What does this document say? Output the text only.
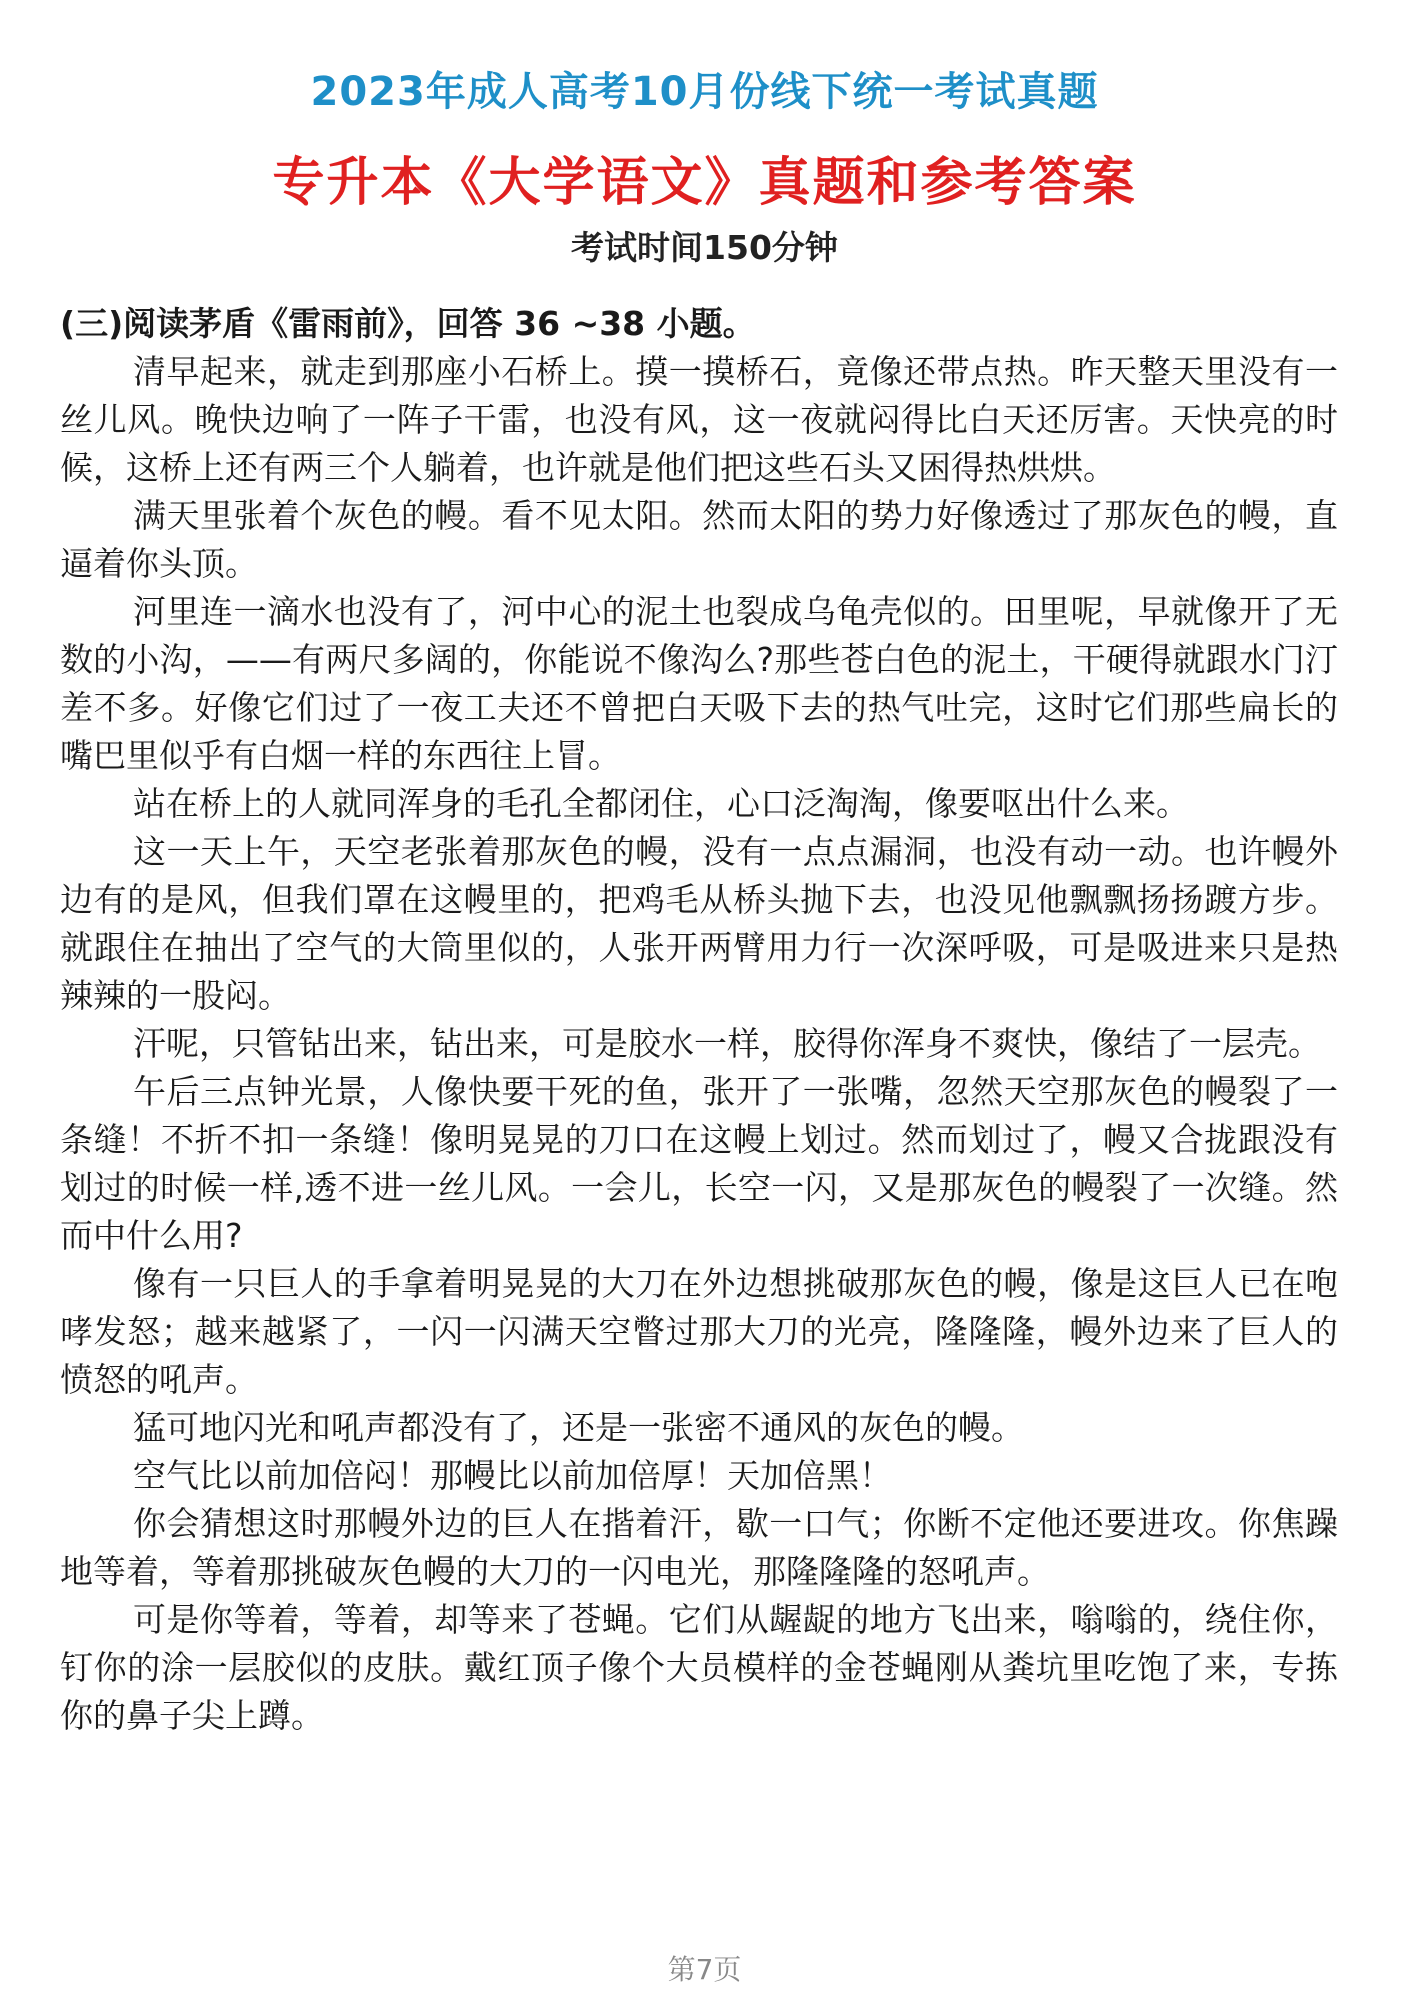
2023年成人高考10月份线下统一考试真题
专升本《大学语文》真题和参考答案
考试时间150分钟

(三)阅读茅盾《雷雨前》，回答 36 ~38 小题。

清早起来，就走到那座小石桥上。摸一摸桥石，竟像还带点热。昨天整天里没有一丝儿风。晚快边响了一阵子干雷，也没有风，这一夜就闷得比白天还厉害。天快亮的时候，这桥上还有两三个人躺着，也许就是他们把这些石头又困得热烘烘。

满天里张着个灰色的幔。看不见太阳。然而太阳的势力好像透过了那灰色的幔，直逼着你头顶。

河里连一滴水也没有了，河中心的泥土也裂成乌龟壳似的。田里呢，早就像开了无数的小沟，——有两尺多阔的，你能说不像沟么?那些苍白色的泥土，干硬得就跟水门汀差不多。好像它们过了一夜工夫还不曾把白天吸下去的热气吐完，这时它们那些扁长的嘴巴里似乎有白烟一样的东西往上冒。

站在桥上的人就同浑身的毛孔全都闭住，心口泛淘淘，像要呕出什么来。

这一天上午，天空老张着那灰色的幔，没有一点点漏洞，也没有动一动。也许幔外边有的是风，但我们罩在这幔里的，把鸡毛从桥头抛下去，也没见他飘飘扬扬踱方步。就跟住在抽出了空气的大筒里似的，人张开两臂用力行一次深呼吸，可是吸进来只是热辣辣的一股闷。

汗呢，只管钻出来，钻出来，可是胶水一样，胶得你浑身不爽快，像结了一层壳。

午后三点钟光景，人像快要干死的鱼，张开了一张嘴，忽然天空那灰色的幔裂了一条缝！不折不扣一条缝！像明晃晃的刀口在这幔上划过。然而划过了，幔又合拢跟没有划过的时候一样,透不进一丝儿风。一会儿，长空一闪，又是那灰色的幔裂了一次缝。然而中什么用?

像有一只巨人的手拿着明晃晃的大刀在外边想挑破那灰色的幔，像是这巨人已在咆哮发怒；越来越紧了，一闪一闪满天空瞥过那大刀的光亮，隆隆隆，幔外边来了巨人的愤怒的吼声。

猛可地闪光和吼声都没有了，还是一张密不通风的灰色的幔。

空气比以前加倍闷！那幔比以前加倍厚！天加倍黑！

你会猜想这时那幔外边的巨人在揩着汗，歇一口气；你断不定他还要进攻。你焦躁地等着，等着那挑破灰色幔的大刀的一闪电光，那隆隆隆的怒吼声。

可是你等着，等着，却等来了苍蝇。它们从龌龊的地方飞出来，嗡嗡的，绕住你，钉你的涂一层胶似的皮肤。戴红顶子像个大员模样的金苍蝇刚从粪坑里吃饱了来，专拣你的鼻子尖上蹲。

第7页
